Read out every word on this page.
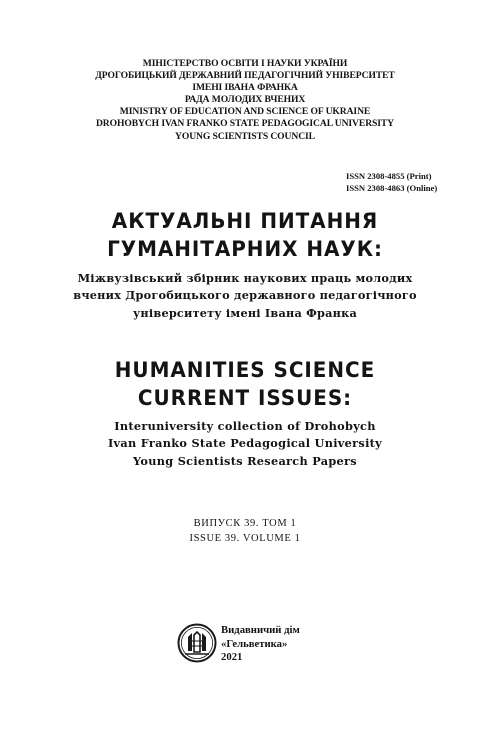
МІНІСТЕРСТВО ОСВІТИ І НАУКИ УКРАЇНИ
ДРОГОБИЦЬКИЙ ДЕРЖАВНИЙ ПЕДАГОГІЧНИЙ УНІВЕРСИТЕТ
ІМЕНІ ІВАНА ФРАНКА
РАДА МОЛОДИХ ВЧЕНИХ
MINISTRY OF EDUCATION AND SCIENCE OF UKRAINE
DROHOBYCH IVAN FRANKO STATE PEDAGOGICAL UNIVERSITY
YOUNG SCIENTISTS COUNCIL
ISSN 2308-4855 (Print)
ISSN 2308-4863 (Online)
АКТУАЛЬНІ ПИТАННЯ
ГУМАНІТАРНИХ НАУК:
Міжвузівський збірник наукових праць молодих
вчених Дрогобицького державного педагогічного
університету імені Івана Франка
HUMANITIES SCIENCE
CURRENT ISSUES:
Interuniversity collection of Drohobych
Ivan Franko State Pedagogical University
Young Scientists Research Papers
ВИПУСК 39. ТОМ 1
ISSUE 39. VOLUME 1
Видавничий дім
«Гельветика»
2021
